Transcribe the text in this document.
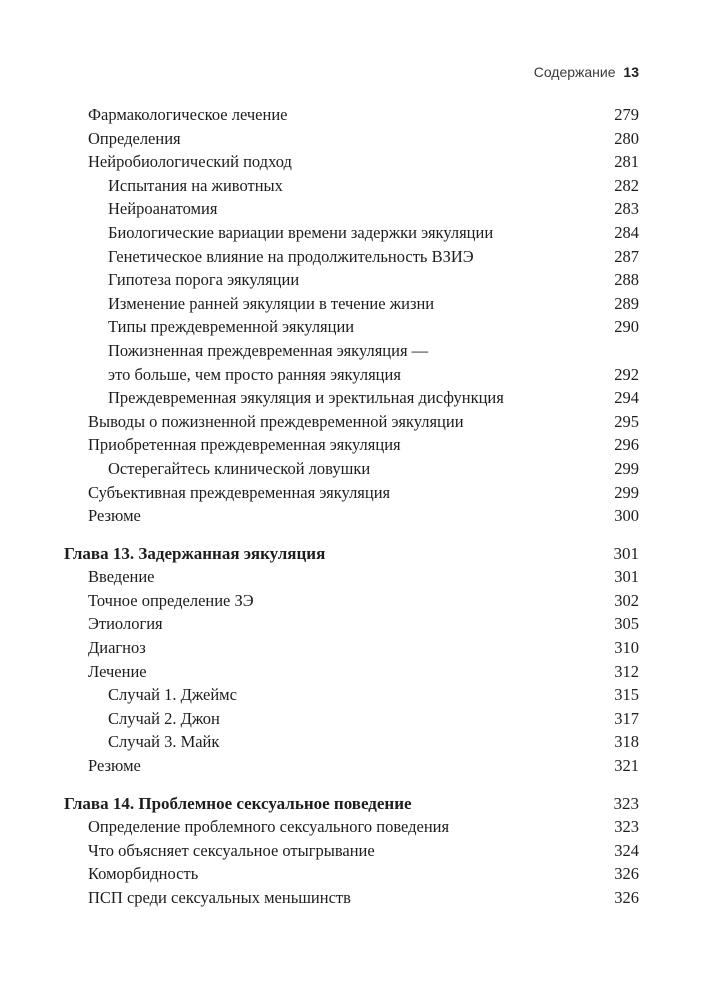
Содержание 13
Фармакологическое лечение	279
Определения	280
Нейробиологический подход	281
Испытания на животных	282
Нейроанатомия	283
Биологические вариации времени задержки эякуляции	284
Генетическое влияние на продолжительность ВЗИЭ	287
Гипотеза порога эякуляции	288
Изменение ранней эякуляции в течение жизни	289
Типы преждевременной эякуляции	290
Пожизненная преждевременная эякуляция —
это больше, чем просто ранняя эякуляция	292
Преждевременная эякуляция и эректильная дисфункция	294
Выводы о пожизненной преждевременной эякуляции	295
Приобретенная преждевременная эякуляция	296
Остерегайтесь клинической ловушки	299
Субъективная преждевременная эякуляция	299
Резюме	300
Глава 13. Задержанная эякуляция	301
Введение	301
Точное определение ЗЭ	302
Этиология	305
Диагноз	310
Лечение	312
Случай 1. Джеймс	315
Случай 2. Джон	317
Случай 3. Майк	318
Резюме	321
Глава 14. Проблемное сексуальное поведение	323
Определение проблемного сексуального поведения	323
Что объясняет сексуальное отыгрывание	324
Коморбидность	326
ПСП среди сексуальных меньшинств	326
